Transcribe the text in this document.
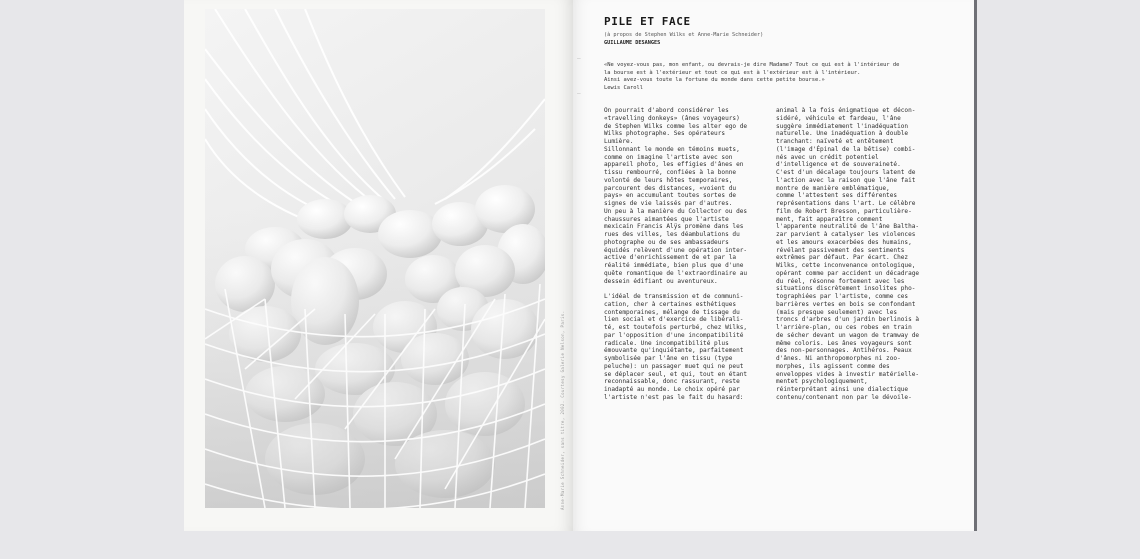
Anne-Marie Schneider, sans titre, 2002. Courtesy Galerie Nelson, Paris.
—
—
PILE ET FACE
(à propos de Stephen Wilks et Anne-Marie Schneider)
GUILLAUME DESANGES

«Ne voyez-vous pas, mon enfant, ou devrais-je dire Madame? Tout ce qui est à l'intérieur de

la bourse est à l'extérieur et tout ce qui est à l'extérieur est à l'intérieur.

Ainsi avez-vous toute la fortune du monde dans cette petite bourse.»

Lewis Caroll

On pourrait d'abord considérer les

«travelling donkeys» (ânes voyageurs)

de Stephen Wilks comme les alter ego de

Wilks photographe. Ses opérateurs

Lumière.

Sillonnant le monde en témoins muets,

comme on imagine l'artiste avec son

appareil photo, les effigies d'ânes en

tissu rembourré, confiées à la bonne

volonté de leurs hôtes temporaires,

parcourent des distances, «voient du

pays» en accumulant toutes sortes de

signes de vie laissés par d'autres.

Un peu à la manière du Collector ou des

chaussures aimantées que l'artiste

mexicain Francis Alÿs promène dans les

rues des villes, les déambulations du

photographe ou de ses ambassadeurs

équidés relèvent d'une opération inter-

active d'enrichissement de et par la

réalité immédiate, bien plus que d'une

quête romantique de l'extraordinaire au

dessein édifiant ou aventureux.

L'idéal de transmission et de communi-

cation, cher à certaines esthétiques

contemporaines, mélange de tissage du

lien social et d'exercice de libérali-

té, est toutefois perturbé, chez Wilks,

par l'opposition d'une incompatibilité

radicale. Une incompatibilité plus

émouvante qu'inquiétante, parfaitement

symbolisée par l'âne en tissu (type

peluche): un passager muet qui ne peut

se déplacer seul, et qui, tout en étant

reconnaissable, donc rassurant, reste

inadapté au monde. Le choix opéré par

l'artiste n'est pas le fait du hasard:

animal à la fois énigmatique et décon-

sidéré, véhicule et fardeau, l'âne

suggère immédiatement l'inadéquation

naturelle. Une inadéquation à double

tranchant: naïveté et entêtement

(l'image d'Épinal de la bêtise) combi-

nés avec un crédit potentiel

d'intelligence et de souveraineté.

C'est d'un décalage toujours latent de

l'action avec la raison que l'âne fait

montre de manière emblématique,

comme l'attestent ses différentes

représentations dans l'art. Le célèbre

film de Robert Bresson, particulière-

ment, fait apparaître comment

l'apparente neutralité de l'âne Baltha-

zar parvient à catalyser les violences

et les amours exacerbées des humains,

révélant passivement des sentiments

extrêmes par défaut. Par écart. Chez

Wilks, cette inconvenance ontologique,

opérant comme par accident un décadrage

du réel, résonne fortement avec les

situations discrètement insolites pho-

tographiées par l'artiste, comme ces

barrières vertes en bois se confondant

(mais presque seulement) avec les

troncs d'arbres d'un jardin berlinois à

l'arrière-plan, ou ces robes en train

de sécher devant un wagon de tramway de

même coloris. Les ânes voyageurs sont

des non-personnages. Antihéros. Peaux

d'ânes. Ni anthropomorphes ni zoo-

morphes, ils agissent comme des

enveloppes vides à investir matérielle-

mentet psychologiquement,

réinterprétant ainsi une dialectique

contenu/contenant non par le dévoile-
